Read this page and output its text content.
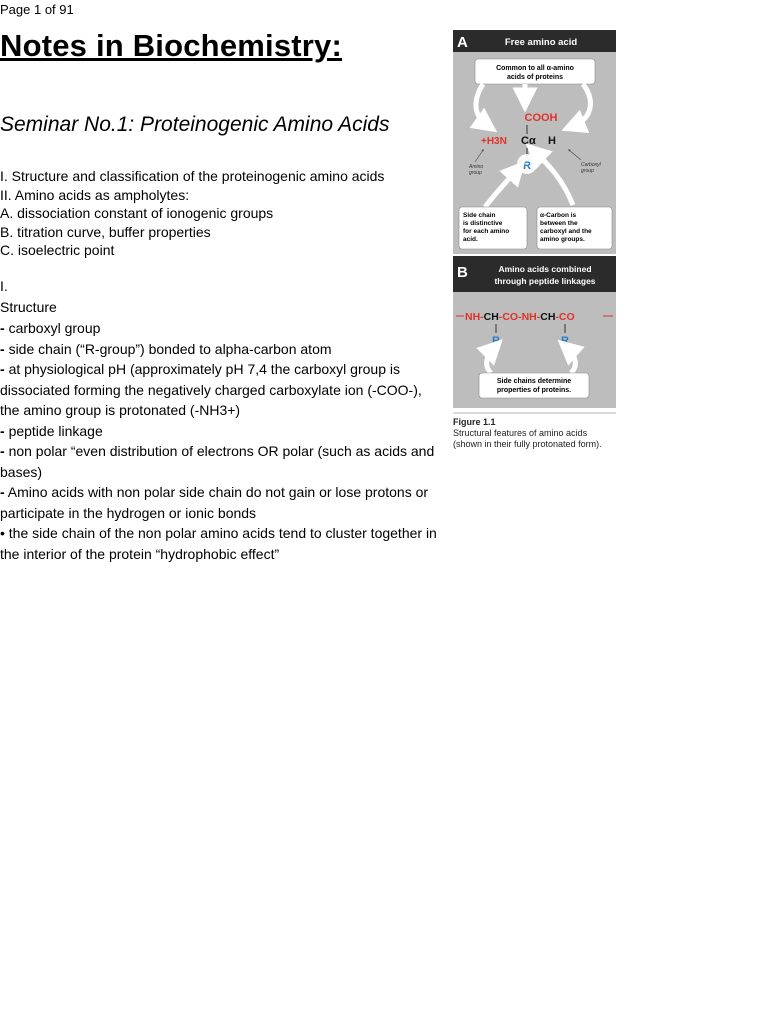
Page 1 of 91
Notes in Biochemistry:
Seminar No.1: Proteinogenic Amino Acids
I. Structure and classification of the proteinogenic amino acids
II. Amino acids as ampholytes:
A. dissociation constant of ionogenic groups
B. titration curve, buffer properties
C. isoelectric point
I.
Structure
- carboxyl group
- side chain (“R-group”) bonded to alpha-carbon atom
- at physiological pH (approximately pH 7,4 the carboxyl group is dissociated forming the negatively charged carboxylate ion (-COO-), the amino group is protonated (-NH3+)
- peptide linkage
- non polar “even distribution of electrons OR polar (such as acids and bases)
- Amino acids with non polar side chain do not gain or lose protons or participate in the hydrogen or ionic bonds
• the side chain of the non polar amino acids tend to cluster together in the interior of the protein “hydrophobic effect”
A	Free amino acid
Common to all α-amino
acids of proteins
COOH
+H3N Cα H
R
Amino
group
Carboxyl
group
Side chain
is distinctive
for each amino
acid.
α-Carbon is
between the
carboxyl and the
amino groups.
B	Amino acids combined
through peptide linkages
NH-CH-CO-NH-CH-CO
R	R
Side chains determine
properties of proteins.
Figure 1.1
Structural features of amino acids
(shown in their fully protonated form).
